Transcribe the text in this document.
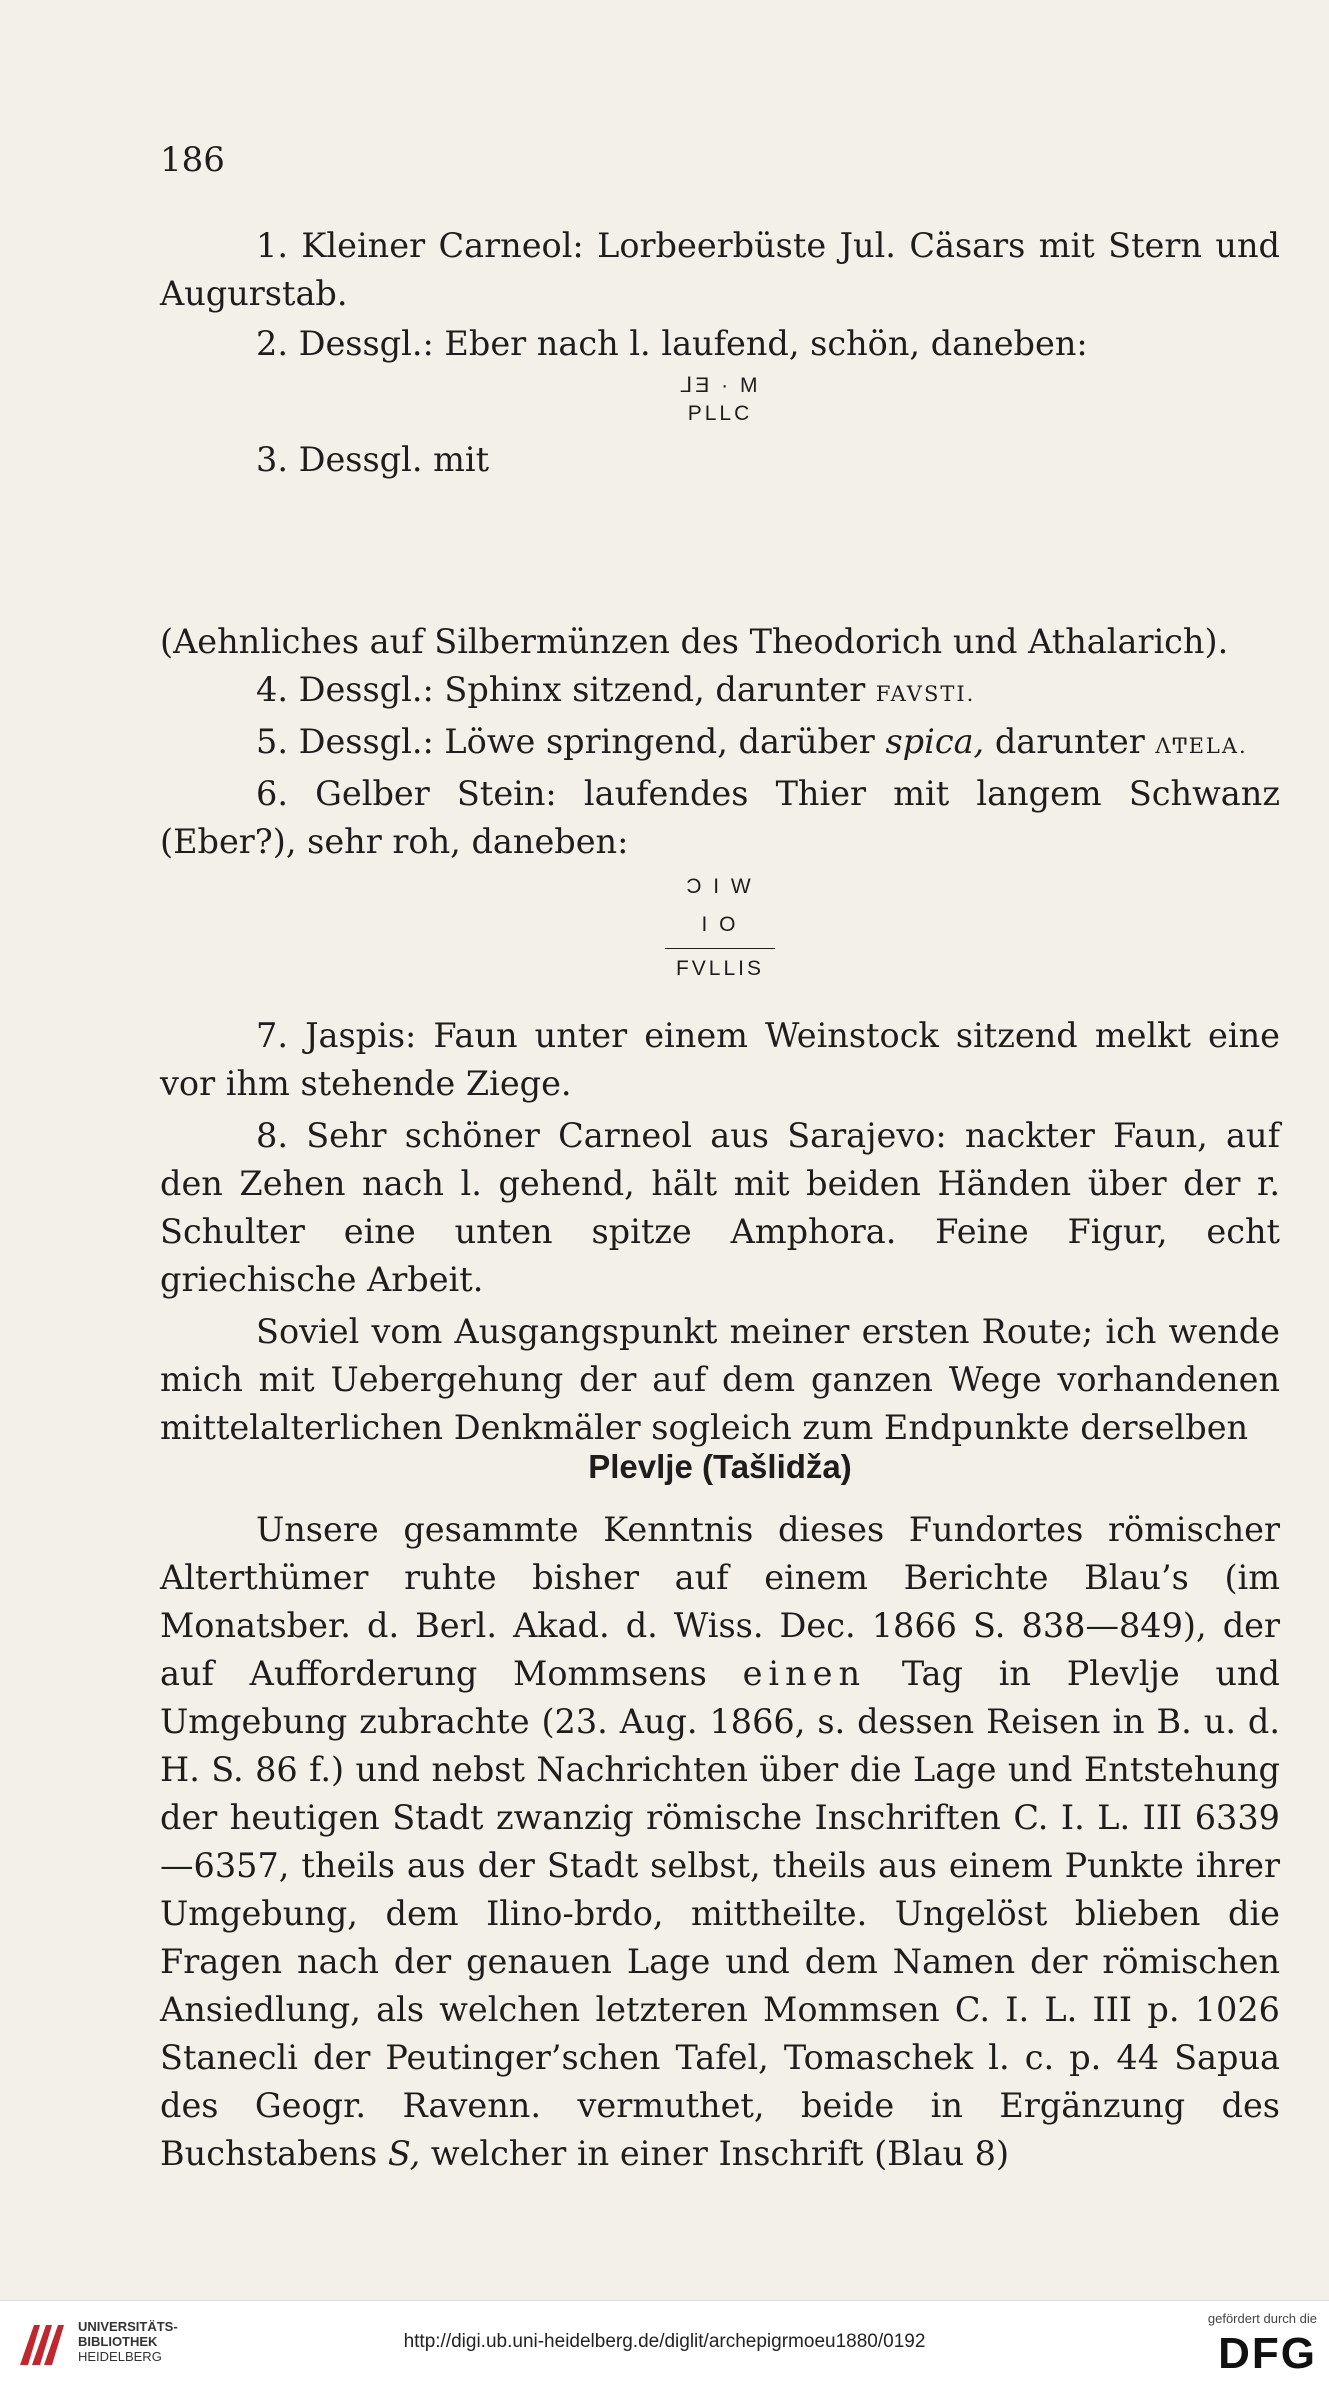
186

1. Kleiner Carneol: Lorbeerbüste Jul. Cäsars mit Stern und Augurstab.

2. Dessgl.: Eber nach l. laufend, schön, daneben:

ᒧƎ · M
PLLC

3. Dessgl. mit

(Aehnliches auf Silbermünzen des Theodorich und Athalarich).

4. Dessgl.: Sphinx sitzend, darunter FAVSTI.

5. Dessgl.: Löwe springend, darüber spica, darunter ΛͲELA.

6. Gelber Stein: laufendes Thier mit langem Schwanz (Eber?), sehr roh, daneben:

Ɔ I W
I O
FVLLIS

7. Jaspis: Faun unter einem Weinstock sitzend melkt eine vor ihm stehende Ziege.

8. Sehr schöner Carneol aus Sarajevo: nackter Faun, auf den Zehen nach l. gehend, hält mit beiden Händen über der r. Schulter eine unten spitze Amphora. Feine Figur, echt griechische Arbeit.

Soviel vom Ausgangspunkt meiner ersten Route; ich wende mich mit Uebergehung der auf dem ganzen Wege vorhandenen mittelalterlichen Denkmäler sogleich zum Endpunkte derselben

Plevlje (Tašlidža)

Unsere gesammte Kenntnis dieses Fundortes römischer Alterthümer ruhte bisher auf einem Berichte Blau’s (im Monatsber. d. Berl. Akad. d. Wiss. Dec. 1866 S. 838—849), der auf Aufforderung Mommsens einen Tag in Plevlje und Umgebung zubrachte (23. Aug. 1866, s. dessen Reisen in B. u. d. H. S. 86 f.) und nebst Nachrichten über die Lage und Entstehung der heutigen Stadt zwanzig römische Inschriften C. I. L. III 6339—6357, theils aus der Stadt selbst, theils aus einem Punkte ihrer Umgebung, dem Ilino-brdo, mittheilte. Ungelöst blieben die Fragen nach der genauen Lage und dem Namen der römischen Ansiedlung, als welchen letzteren Mommsen C. I. L. III p. 1026 Stanecli der Peutinger’schen Tafel, Tomaschek l. c. p. 44 Sapua des Geogr. Ravenn. vermuthet, beide in Ergänzung des Buchstabens S, welcher in einer Inschrift (Blau 8)

UNIVERSITÄTS-
BIBLIOTHEK
HEIDELBERG
http://digi.ub.uni-heidelberg.de/diglit/archepigrmoeu1880/0192
gefördert durch die
DFG
